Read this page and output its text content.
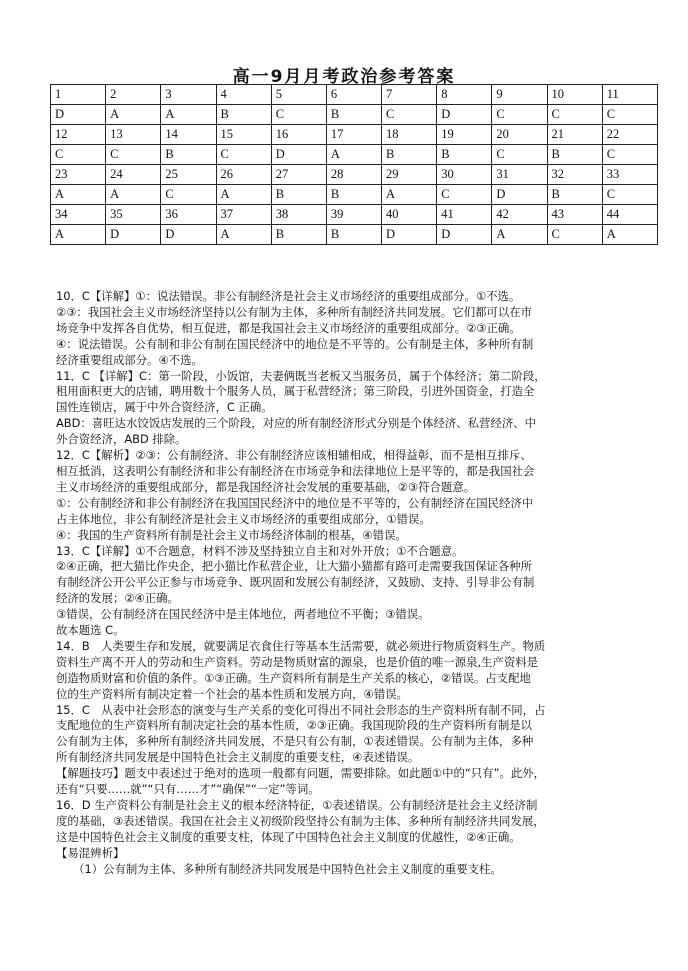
高一9月月考政治参考答案
1	2	3	4	5	6	7	8	9	10	11
D	A	A	B	C	B	C	D	C	C	C
12	13	14	15	16	17	18	19	20	21	22
C	C	B	C	D	A	B	B	C	B	C
23	24	25	26	27	28	29	30	31	32	33
A	A	C	A	B	B	A	C	D	B	C
34	35	36	37	38	39	40	41	42	43	44
A	D	D	A	B	B	D	D	A	C	A

10．C【详解】①：说法错误。非公有制经济是社会主义市场经济的重要组成部分。①不选。

②③：我国社会主义市场经济坚持以公有制为主体，多种所有制经济共同发展。它们都可以在市

场竞争中发挥各自优势，相互促进，都是我国社会主义市场经济的重要组成部分。②③正确。

④：说法错误。公有制和非公有制在国民经济中的地位是不平等的。公有制是主体，多种所有制

经济重要组成部分。④不选。

11．C 【详解】C：第一阶段，小饭馆，夫妻俩既当老板又当服务员，属于个体经济；第二阶段，

租用面积更大的店铺，聘用数十个服务人员，属于私营经济；第三阶段，引进外国资金，打造全

国性连锁店，属于中外合资经济，C 正确。

ABD：喜旺达水饺饭店发展的三个阶段，对应的所有制经济形式分别是个体经济、私营经济、中

外合资经济，ABD 排除。

12．C【解析】②③：公有制经济、非公有制经济应该相辅相成，相得益彰，而不是相互排斥、

相互抵消，这表明公有制经济和非公有制经济在市场竞争和法律地位上是平等的，都是我国社会

主义市场经济的重要组成部分，都是我国经济社会发展的重要基础，②③符合题意。

①：公有制经济和非公有制经济在我国国民经济中的地位是不平等的，公有制经济在国民经济中

占主体地位，非公有制经济是社会主义市场经济的重要组成部分，①错误。

④：我国的生产资料所有制是社会主义市场经济体制的根基，④错误。

13．C【详解】①不合题意，材料不涉及坚持独立自主和对外开放；①不合题意。

②④正确，把大猫比作央企，把小猫比作私营企业，让大猫小猫都有路可走需要我国保证各种所

有制经济公开公平公正参与市场竞争、既巩固和发展公有制经济，又鼓励、支持、引导非公有制

经济的发展；②④正确。

③错误，公有制经济在国民经济中是主体地位，两者地位不平衡；③错误。

故本题选 C。

14．B　人类要生存和发展，就要满足衣食住行等基本生活需要，就必须进行物质资料生产。物质

资料生产离不开人的劳动和生产资料。劳动是物质财富的源泉，也是价值的唯一源泉,生产资料是

创造物质财富和价值的条件。①③正确。生产资料所有制是生产关系的核心，②错误。占支配地

位的生产资料所有制决定着一个社会的基本性质和发展方向，④错误。

15．C　从表中社会形态的演变与生产关系的变化可得出不同社会形态的生产资料所有制不同，占

支配地位的生产资料所有制决定社会的基本性质，②③正确。我国现阶段的生产资料所有制是以

公有制为主体，多种所有制经济共同发展，不是只有公有制，①表述错误。公有制为主体，多种

所有制经济共同发展是中国特色社会主义制度的重要支柱，④表述错误。

【解题技巧】题支中表述过于绝对的选项一般都有问题，需要排除。如此题①中的“只有”。此外，

还有“只要……就”“只有……才”“确保”“一定”等词。

16．D 生产资料公有制是社会主义的根本经济特征，①表述错误。公有制经济是社会主义经济制

度的基础，③表述错误。我国在社会主义初级阶段坚持公有制为主体、多种所有制经济共同发展，

这是中国特色社会主义制度的重要支柱，体现了中国特色社会主义制度的优越性，②④正确。

【易混辨析】

　　（1）公有制为主体、多种所有制经济共同发展是中国特色社会主义制度的重要支柱。
